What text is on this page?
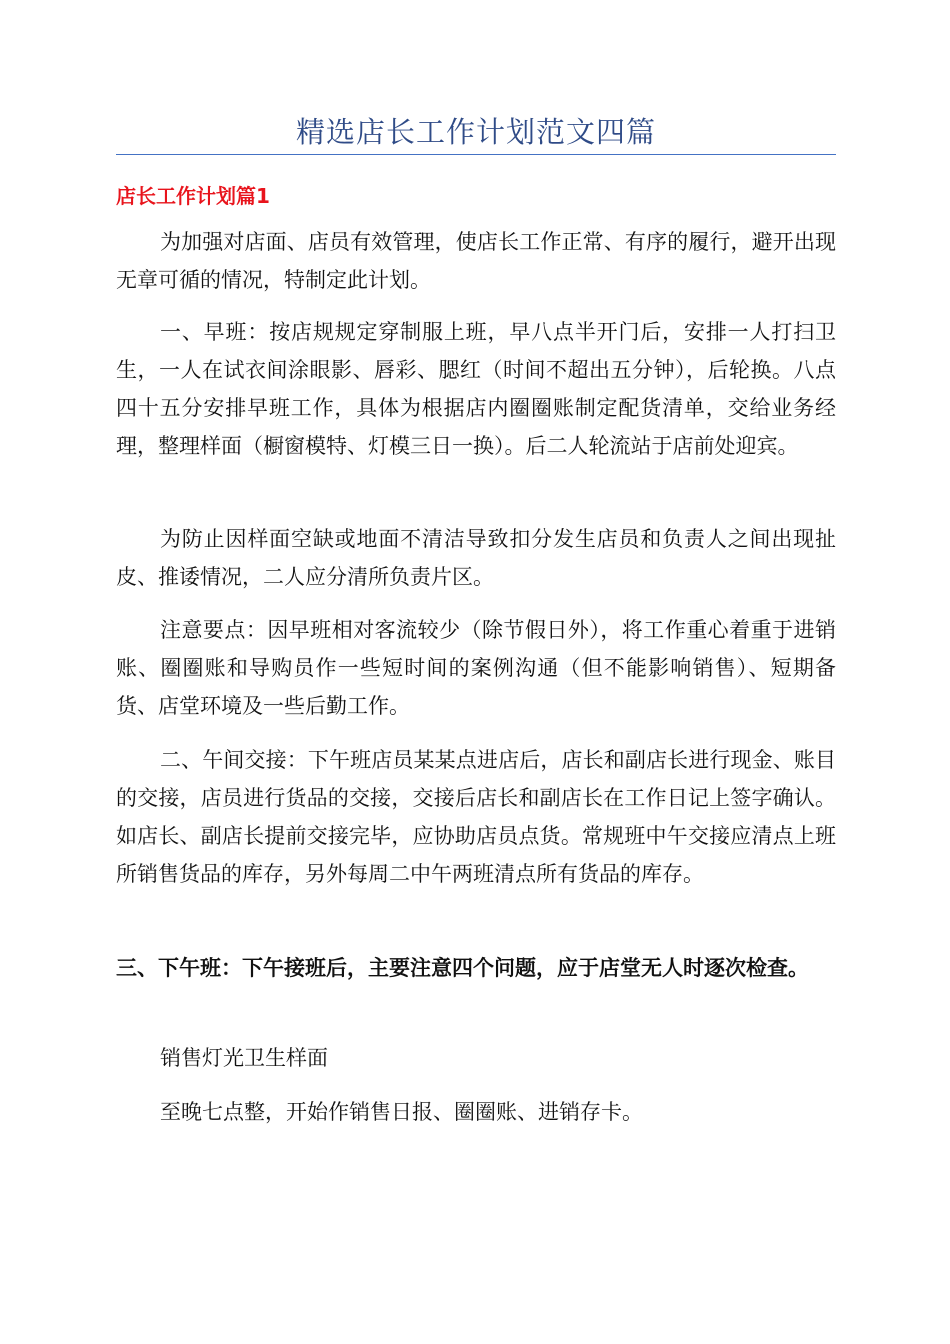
精选店长工作计划范文四篇
店长工作计划篇1

为加强对店面、店员有效管理，使店长工作正常、有序的履行，避开出现无章可循的情况，特制定此计划。

一、早班：按店规规定穿制服上班，早八点半开门后，安排一人打扫卫生，一人在试衣间涂眼影、唇彩、腮红（时间不超出五分钟），后轮换。八点四十五分安排早班工作，具体为根据店内圈圈账制定配货清单，交给业务经理，整理样面（橱窗模特、灯模三日一换）。后二人轮流站于店前处迎宾。

为防止因样面空缺或地面不清洁导致扣分发生店员和负责人之间出现扯皮、推诿情况，二人应分清所负责片区。

注意要点：因早班相对客流较少（除节假日外），将工作重心着重于进销账、圈圈账和导购员作一些短时间的案例沟通（但不能影响销售）、短期备货、店堂环境及一些后勤工作。

二、午间交接：下午班店员某某点进店后，店长和副店长进行现金、账目的交接，店员进行货品的交接，交接后店长和副店长在工作日记上签字确认。如店长、副店长提前交接完毕，应协助店员点货。常规班中午交接应清点上班所销售货品的库存，另外每周二中午两班清点所有货品的库存。

三、下午班：下午接班后，主要注意四个问题，应于店堂无人时逐次检查。

销售灯光卫生样面

至晚七点整，开始作销售日报、圈圈账、进销存卡。
